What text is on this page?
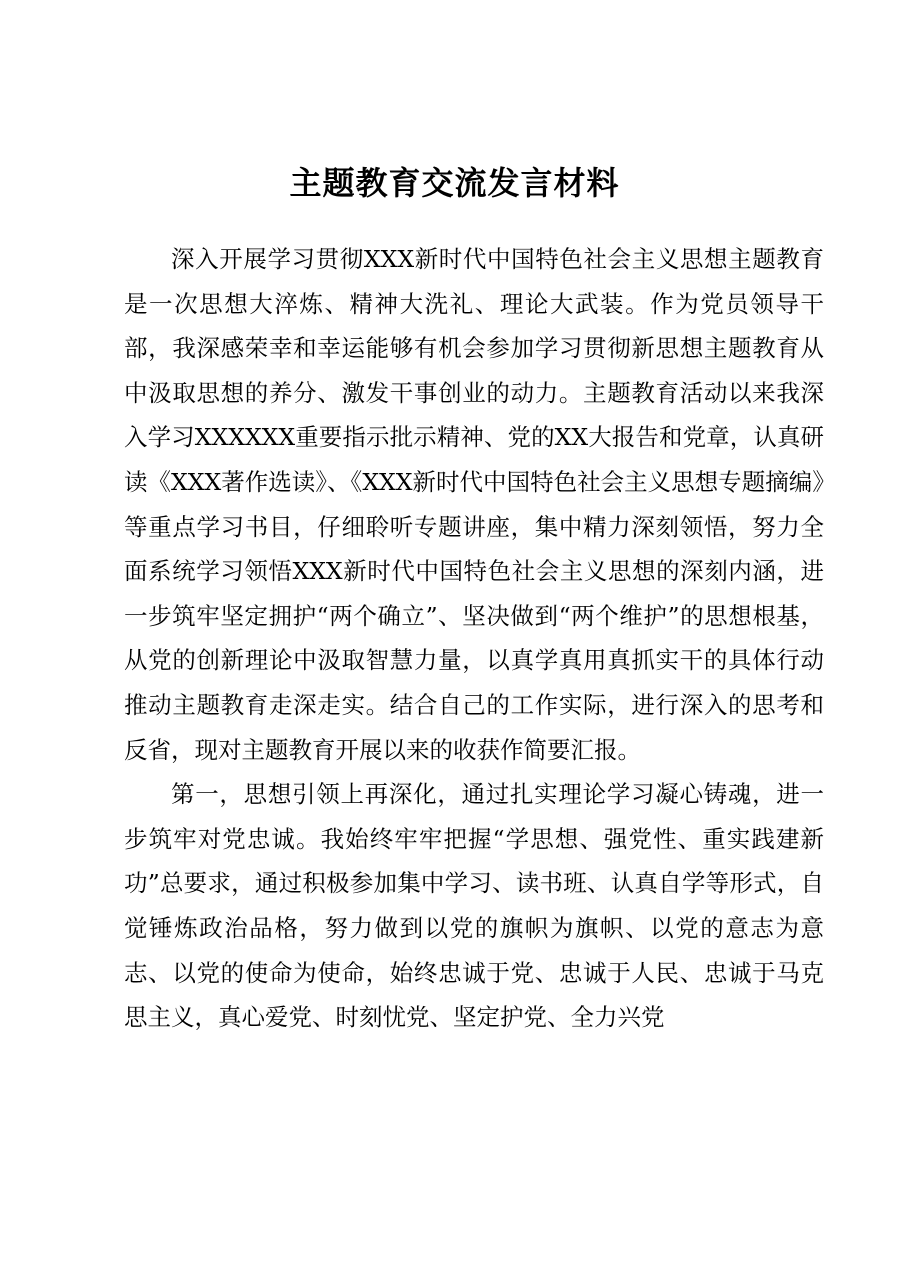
主题教育交流发言材料

深入开展学习贯彻XXX新时代中国特色社会主义思想主题教育是一次思想大淬炼、精神大洗礼、理论大武装。作为党员领导干部，我深感荣幸和幸运能够有机会参加学习贯彻新思想主题教育从中汲取思想的养分、激发干事创业的动力。主题教育活动以来我深入学习XXXXXX重要指示批示精神、党的XX大报告和党章，认真研读《XXX著作选读》、《XXX新时代中国特色社会主义思想专题摘编》等重点学习书目，仔细聆听专题讲座，集中精力深刻领悟，努力全面系统学习领悟XXX新时代中国特色社会主义思想的深刻内涵，进一步筑牢坚定拥护“两个确立”、坚决做到“两个维护”的思想根基，从党的创新理论中汲取智慧力量，以真学真用真抓实干的具体行动推动主题教育走深走实。结合自己的工作实际，进行深入的思考和反省，现对主题教育开展以来的收获作简要汇报。

第一，思想引领上再深化，通过扎实理论学习凝心铸魂，进一步筑牢对党忠诚。我始终牢牢把握“学思想、强党性、重实践建新功”总要求，通过积极参加集中学习、读书班、认真自学等形式，自觉锤炼政治品格，努力做到以党的旗帜为旗帜、以党的意志为意志、以党的使命为使命，始终忠诚于党、忠诚于人民、忠诚于马克思主义，真心爱党、时刻忧党、坚定护党、全力兴党
